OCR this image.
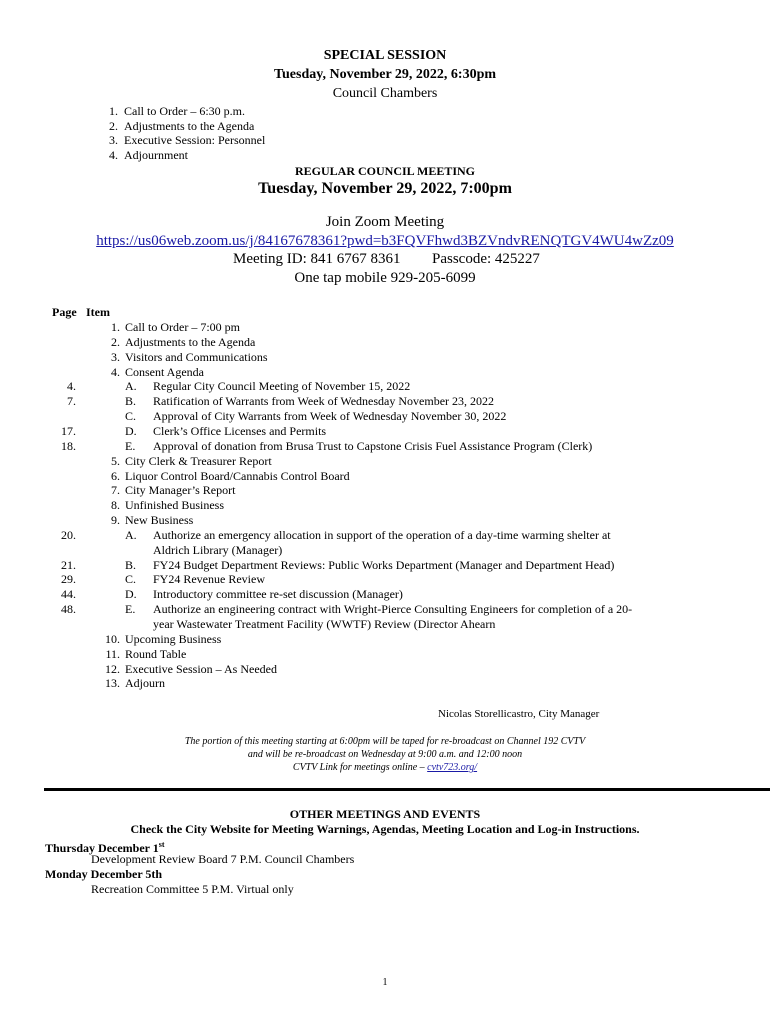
SPECIAL SESSION
Tuesday, November 29, 2022, 6:30pm
Council Chambers
1. Call to Order – 6:30 p.m.
2. Adjustments to the Agenda
3. Executive Session: Personnel
4. Adjournment
REGULAR COUNCIL MEETING
Tuesday, November 29, 2022, 7:00pm
Join Zoom Meeting
https://us06web.zoom.us/j/84167678361?pwd=b3FQVFhwd3BZVndvRENQTGV4WU4wZz09
Meeting ID: 841 6767 8361 Passcode: 425227
One tap mobile 929-205-6099
Page Item
1. Call to Order – 7:00 pm
2. Adjustments to the Agenda
3. Visitors and Communications
4. Consent Agenda
4.	A. Regular City Council Meeting of November 15, 2022
7.	B. Ratification of Warrants from Week of Wednesday November 23, 2022
C. Approval of City Warrants from Week of Wednesday November 30, 2022
17.	D. Clerk’s Office Licenses and Permits
18.	E. Approval of donation from Brusa Trust to Capstone Crisis Fuel Assistance Program (Clerk)
5. City Clerk & Treasurer Report
6. Liquor Control Board/Cannabis Control Board
7. City Manager’s Report
8. Unfinished Business
9. New Business
20.	A. Authorize an emergency allocation in support of the operation of a day-time warming shelter at
Aldrich Library (Manager)
21.	B. FY24 Budget Department Reviews: Public Works Department (Manager and Department Head)
29.	C. FY24 Revenue Review
44.	D. Introductory committee re-set discussion (Manager)
48.	E. Authorize an engineering contract with Wright-Pierce Consulting Engineers for completion of a 20-
year Wastewater Treatment Facility (WWTF) Review (Director Ahearn
10. Upcoming Business
11. Round Table
12. Executive Session – As Needed
13. Adjourn
Nicolas Storellicastro, City Manager
The portion of this meeting starting at 6:00pm will be taped for re-broadcast on Channel 192 CVTV
and will be re-broadcast on Wednesday at 9:00 a.m. and 12:00 noon
CVTV Link for meetings online – cvtv723.org/
OTHER MEETINGS AND EVENTS
Check the City Website for Meeting Warnings, Agendas, Meeting Location and Log-in Instructions.
Thursday December 1st
Development Review Board 7 P.M. Council Chambers
Monday December 5th
Recreation Committee 5 P.M. Virtual only
1
